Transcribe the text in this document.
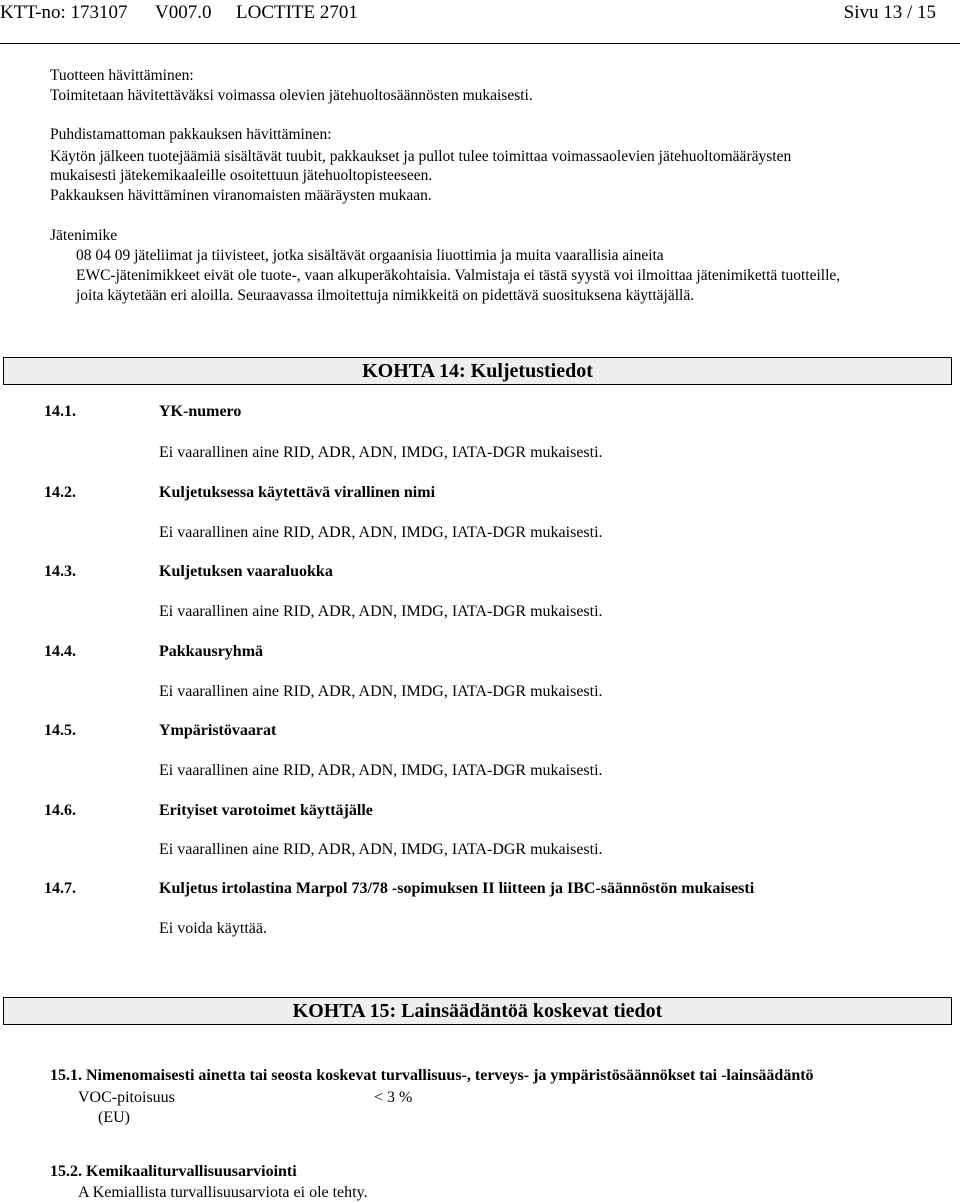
KTT-no: 173107 V007.0 LOCTITE 2701	Sivu 13 / 15
Tuotteen hävittäminen:
Toimitetaan hävitettäväksi voimassa olevien jätehuoltosäännösten mukaisesti.
Puhdistamattoman pakkauksen hävittäminen:
Käytön jälkeen tuotejäämiä sisältävät tuubit, pakkaukset ja pullot tulee toimittaa voimassaolevien jätehuoltomääräysten
mukaisesti jätekemikaaleille osoitettuun jätehuoltopisteeseen.
Pakkauksen hävittäminen viranomaisten määräysten mukaan.
Jätenimike
08 04 09 jäteliimat ja tiivisteet, jotka sisältävät orgaanisia liuottimia ja muita vaarallisia aineita
EWC-jätenimikkeet eivät ole tuote-, vaan alkuperäkohtaisia. Valmistaja ei tästä syystä voi ilmoittaa jätenimikettä tuotteille,
joita käytetään eri aloilla. Seuraavassa ilmoitettuja nimikkeitä on pidettävä suosituksena käyttäjällä.
KOHTA 14: Kuljetustiedot
14.1.	YK-numero
Ei vaarallinen aine RID, ADR, ADN, IMDG, IATA-DGR mukaisesti.
14.2.	Kuljetuksessa käytettävä virallinen nimi
Ei vaarallinen aine RID, ADR, ADN, IMDG, IATA-DGR mukaisesti.
14.3.	Kuljetuksen vaaraluokka
Ei vaarallinen aine RID, ADR, ADN, IMDG, IATA-DGR mukaisesti.
14.4.	Pakkausryhmä
Ei vaarallinen aine RID, ADR, ADN, IMDG, IATA-DGR mukaisesti.
14.5.	Ympäristövaarat
Ei vaarallinen aine RID, ADR, ADN, IMDG, IATA-DGR mukaisesti.
14.6.	Erityiset varotoimet käyttäjälle
Ei vaarallinen aine RID, ADR, ADN, IMDG, IATA-DGR mukaisesti.
14.7.	Kuljetus irtolastina Marpol 73/78 -sopimuksen II liitteen ja IBC-säännöstön mukaisesti
Ei voida käyttää.
KOHTA 15: Lainsäädäntöä koskevat tiedot
15.1. Nimenomaisesti ainetta tai seosta koskevat turvallisuus-, terveys- ja ympäristösäännökset tai -lainsäädäntö
VOC-pitoisuus	< 3 %
(EU)
15.2. Kemikaaliturvallisuusarviointi
A Kemiallista turvallisuusarviota ei ole tehty.
